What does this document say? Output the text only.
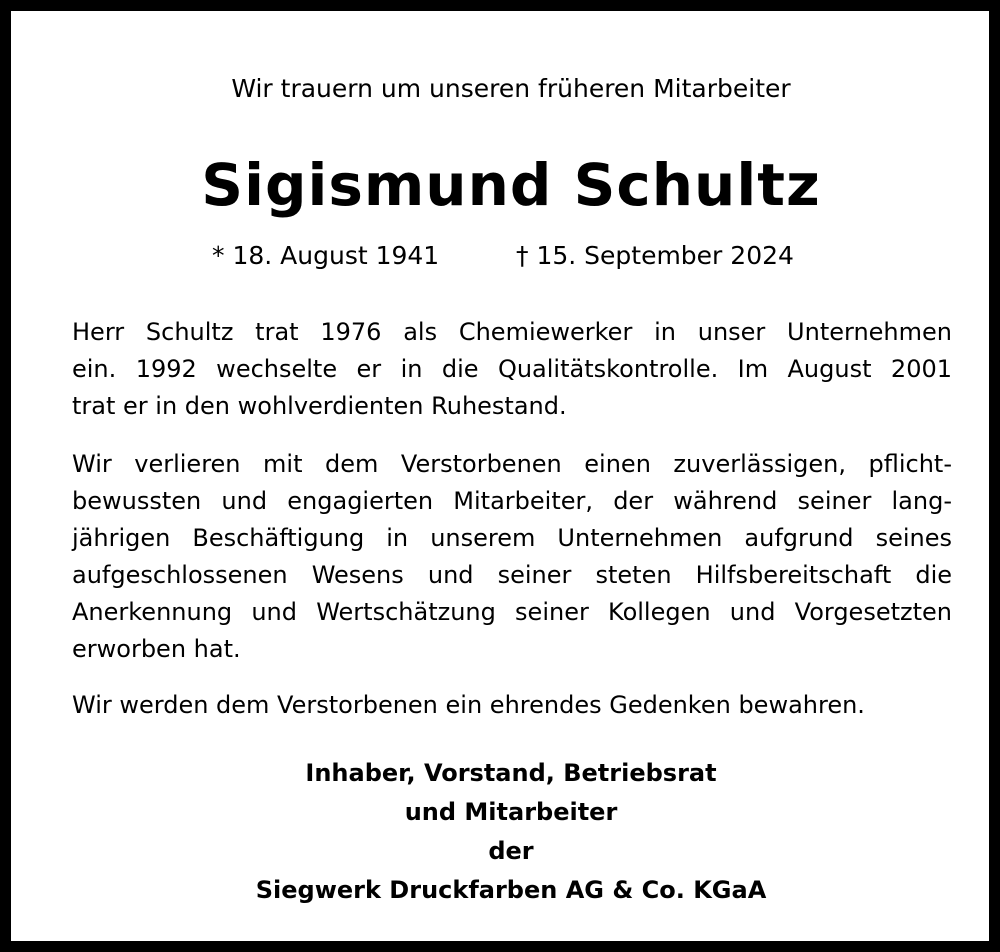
Wir trauern um unseren früheren Mitarbeiter
Sigismund Schultz
* 18. August 1941	† 15. September 2024
Herr Schultz trat 1976 als Chemiewerker in unser Unternehmen
ein. 1992 wechselte er in die Qualitätskontrolle. Im August 2001
trat er in den wohlverdienten Ruhestand.
Wir verlieren mit dem Verstorbenen einen zuverlässigen, pflicht-
bewussten und engagierten Mitarbeiter, der während seiner lang-
jährigen Beschäftigung in unserem Unternehmen aufgrund seines
aufgeschlossenen Wesens und seiner steten Hilfsbereitschaft die
Anerkennung und Wertschätzung seiner Kollegen und Vorgesetzten
erworben hat.
Wir werden dem Verstorbenen ein ehrendes Gedenken bewahren.
Inhaber, Vorstand, Betriebsrat
und Mitarbeiter
der
Siegwerk Druckfarben AG & Co. KGaA
